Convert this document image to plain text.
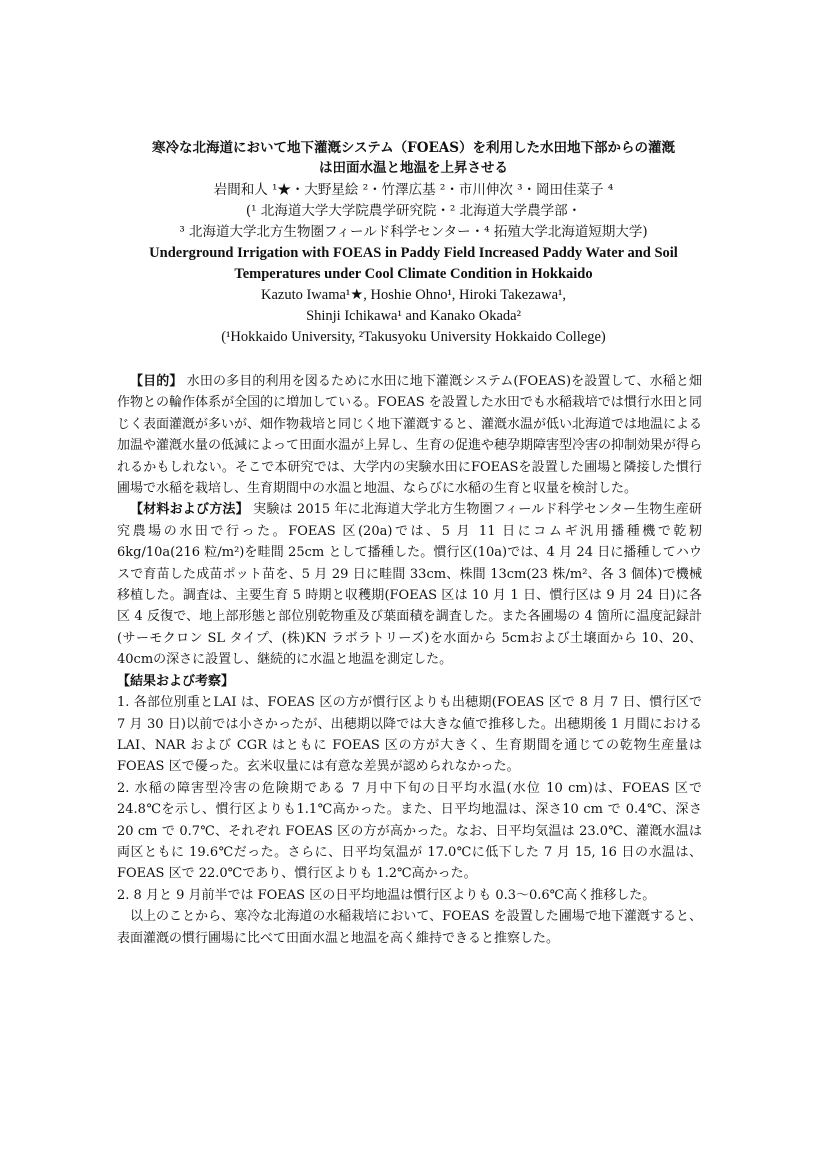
寒冷な北海道において地下灌漑システム（FOEAS）を利用した水田地下部からの灌漑
は田面水温と地温を上昇させる
岩間和人 ¹★・大野星絵 ²・竹澤広基 ²・市川伸次 ³・岡田佳菜子 ⁴
(¹ 北海道大学大学院農学研究院・² 北海道大学農学部・
³ 北海道大学北方生物圏フィールド科学センター・⁴ 拓殖大学北海道短期大学)
Underground Irrigation with FOEAS in Paddy Field Increased Paddy Water and Soil
Temperatures under Cool Climate Condition in Hokkaido
Kazuto Iwama¹★, Hoshie Ohno¹, Hiroki Takezawa¹,
Shinji Ichikawa¹ and Kanako Okada²
(¹Hokkaido University, ²Takusyoku University Hokkaido College)

【目的】 水田の多目的利用を図るために水田に地下灌漑システム(FOEAS)を設置して、水稲と畑作物との輪作体系が全国的に増加している。FOEAS を設置した水田でも水稲栽培では慣行水田と同じく表面灌漑が多いが、畑作物栽培と同じく地下灌漑すると、灌漑水温が低い北海道では地温による加温や灌漑水量の低減によって田面水温が上昇し、生育の促進や穂孕期障害型冷害の抑制効果が得られるかもしれない。そこで本研究では、大学内の実験水田にFOEASを設置した圃場と隣接した慣行圃場で水稲を栽培し、生育期間中の水温と地温、ならびに水稲の生育と収量を検討した。

【材料および方法】 実験は 2015 年に北海道大学北方生物圏フィールド科学センター生物生産研究農場の水田で行った。FOEAS 区(20a)では、5 月 11 日にコムギ汎用播種機で乾籾 6kg/10a(216 粒/m²)を畦間 25cm として播種した。慣行区(10a)では、4 月 24 日に播種してハウスで育苗した成苗ポット苗を、5 月 29 日に畦間 33cm、株間 13cm(23 株/m²、各 3 個体)で機械移植した。調査は、主要生育 5 時期と収穫期(FOEAS 区は 10 月 1 日、慣行区は 9 月 24 日)に各区 4 反復で、地上部形態と部位別乾物重及び葉面積を調査した。また各圃場の 4 箇所に温度記録計(サーモクロン SL タイプ、(株)KN ラボラトリーズ)を水面から 5cmおよび土壌面から 10、20、40cmの深さに設置し、継続的に水温と地温を測定した。

【結果および考察】

1. 各部位別重とLAI は、FOEAS 区の方が慣行区よりも出穂期(FOEAS 区で 8 月 7 日、慣行区で 7 月 30 日)以前では小さかったが、出穂期以降では大きな値で推移した。出穂期後 1 月間における LAI、NAR および CGR はともに FOEAS 区の方が大きく、生育期間を通じての乾物生産量は FOEAS 区で優った。玄米収量には有意な差異が認められなかった。

2. 水稲の障害型冷害の危険期である 7 月中下旬の日平均水温(水位 10 cm)は、FOEAS 区で24.8℃を示し、慣行区よりも1.1℃高かった。また、日平均地温は、深さ10 cm で 0.4℃、深さ 20 cm で 0.7℃、それぞれ FOEAS 区の方が高かった。なお、日平均気温は 23.0℃、灌漑水温は両区ともに 19.6℃だった。さらに、日平均気温が 17.0℃に低下した 7 月 15, 16 日の水温は、FOEAS 区で 22.0℃であり、慣行区よりも 1.2℃高かった。

2. 8 月と 9 月前半では FOEAS 区の日平均地温は慣行区よりも 0.3～0.6℃高く推移した。

以上のことから、寒冷な北海道の水稲栽培において、FOEAS を設置した圃場で地下灌漑すると、表面灌漑の慣行圃場に比べて田面水温と地温を高く維持できると推察した。
